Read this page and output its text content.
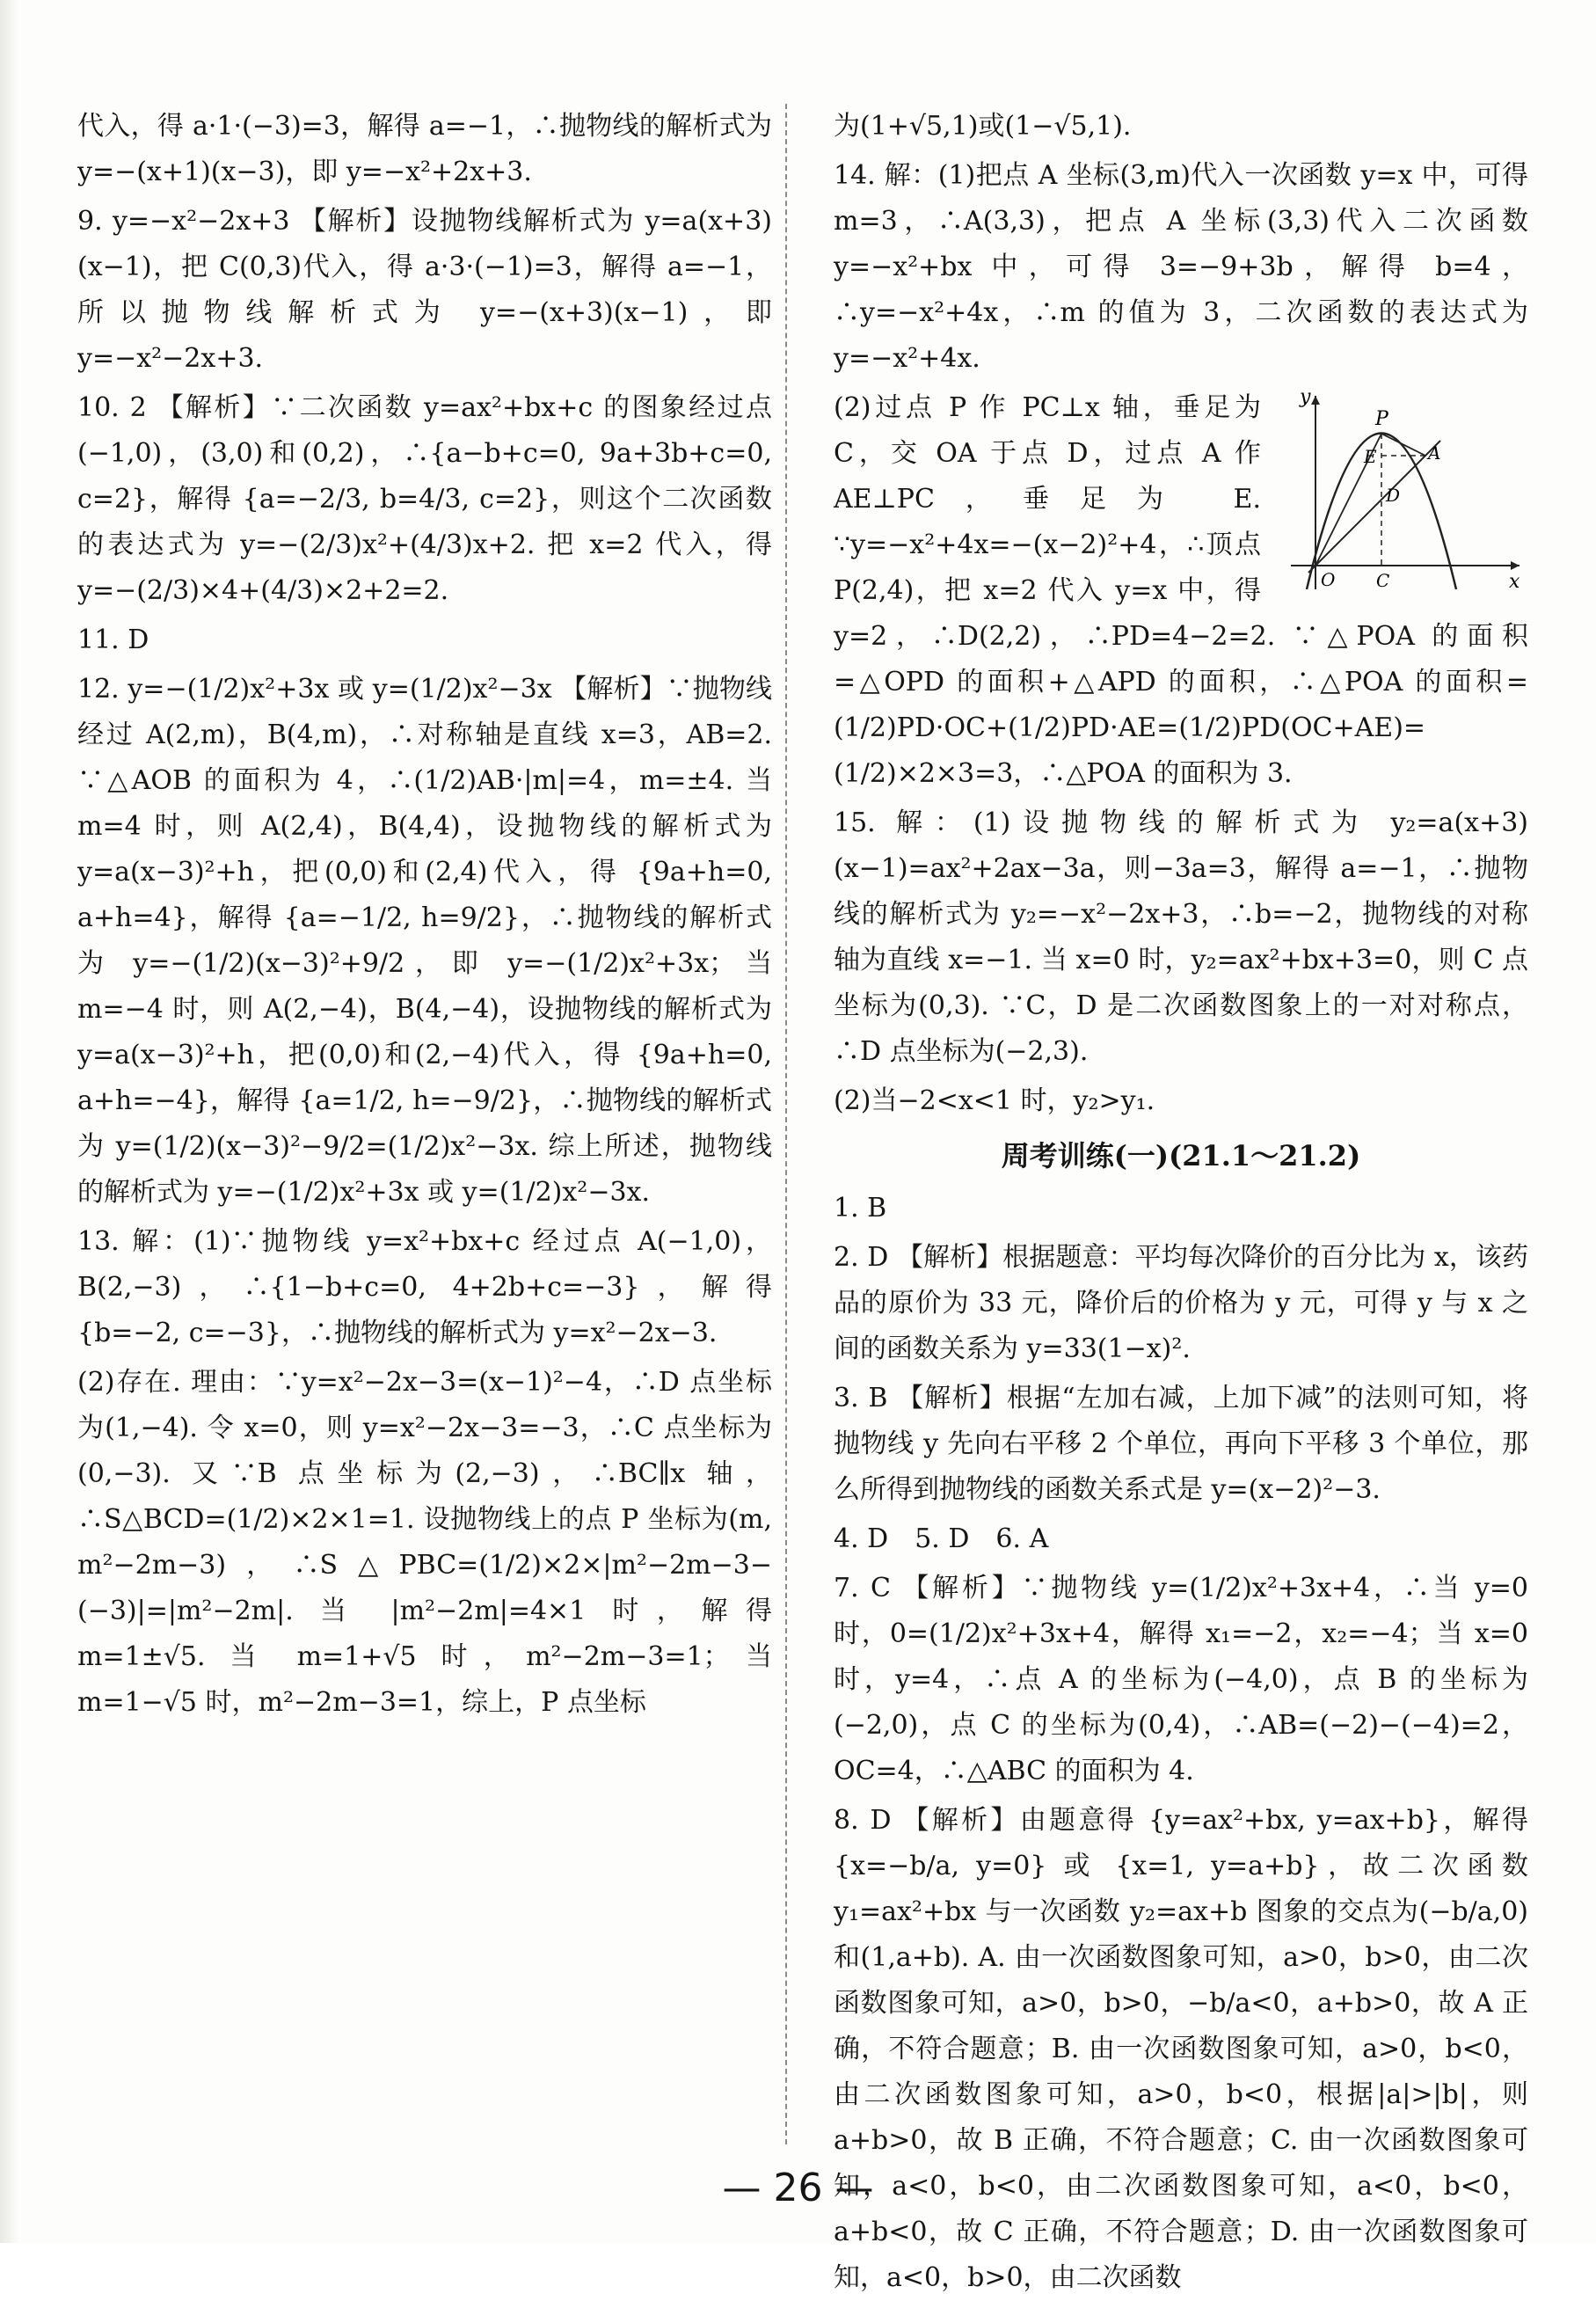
代入，得 a·1·(−3)=3，解得 a=−1，∴抛物线的解析式为 y=−(x+1)(x−3)，即 y=−x²+2x+3.

9. y=−x²−2x+3 【解析】设抛物线解析式为 y=a(x+3)(x−1)，把 C(0,3)代入，得 a·3·(−1)=3，解得 a=−1，所以抛物线解析式为 y=−(x+3)(x−1)，即 y=−x²−2x+3.

10. 2 【解析】∵二次函数 y=ax²+bx+c 的图象经过点(−1,0)，(3,0)和(0,2)，∴{a−b+c=0, 9a+3b+c=0, c=2}，解得 {a=−2/3, b=4/3, c=2}，则这个二次函数的表达式为 y=−(2/3)x²+(4/3)x+2. 把 x=2 代入，得 y=−(2/3)×4+(4/3)×2+2=2.

11. D

12. y=−(1/2)x²+3x 或 y=(1/2)x²−3x 【解析】∵抛物线经过 A(2,m)，B(4,m)，∴对称轴是直线 x=3，AB=2. ∵△AOB 的面积为 4，∴(1/2)AB·|m|=4，m=±4. 当 m=4 时，则 A(2,4)，B(4,4)，设抛物线的解析式为 y=a(x−3)²+h，把(0,0)和(2,4)代入，得 {9a+h=0, a+h=4}，解得 {a=−1/2, h=9/2}，∴抛物线的解析式为 y=−(1/2)(x−3)²+9/2，即 y=−(1/2)x²+3x；当 m=−4 时，则 A(2,−4)，B(4,−4)，设抛物线的解析式为 y=a(x−3)²+h，把(0,0)和(2,−4)代入，得 {9a+h=0, a+h=−4}，解得 {a=1/2, h=−9/2}，∴抛物线的解析式为 y=(1/2)(x−3)²−9/2=(1/2)x²−3x. 综上所述，抛物线的解析式为 y=−(1/2)x²+3x 或 y=(1/2)x²−3x.

13. 解：(1)∵抛物线 y=x²+bx+c 经过点 A(−1,0)，B(2,−3)，∴{1−b+c=0, 4+2b+c=−3}，解得 {b=−2, c=−3}，∴抛物线的解析式为 y=x²−2x−3.

(2)存在. 理由：∵y=x²−2x−3=(x−1)²−4，∴D 点坐标为(1,−4). 令 x=0，则 y=x²−2x−3=−3，∴C 点坐标为(0,−3). 又∵B 点坐标为(2,−3)，∴BC∥x 轴，∴S△BCD=(1/2)×2×1=1. 设抛物线上的点 P 坐标为(m, m²−2m−3)，∴S△PBC=(1/2)×2×|m²−2m−3−(−3)|=|m²−2m|. 当 |m²−2m|=4×1 时，解得 m=1±√5. 当 m=1+√5 时，m²−2m−3=1；当 m=1−√5 时，m²−2m−3=1，综上，P 点坐标

为(1+√5,1)或(1−√5,1).

14. 解：(1)把点 A 坐标(3,m)代入一次函数 y=x 中，可得 m=3，∴A(3,3)，把点 A 坐标(3,3)代入二次函数 y=−x²+bx 中，可得 3=−9+3b，解得 b=4，∴y=−x²+4x，∴m 的值为 3，二次函数的表达式为 y=−x²+4x.

y
x
O
P
E	A
D
C

(2)过点 P 作 PC⊥x 轴，垂足为 C，交 OA 于点 D，过点 A 作 AE⊥PC，垂足为 E. ∵y=−x²+4x=−(x−2)²+4，∴顶点 P(2,4)，把 x=2 代入 y=x 中，得 y=2，∴D(2,2)，∴PD=4−2=2. ∵△POA 的面积=△OPD 的面积+△APD 的面积，∴△POA 的面积=(1/2)PD·OC+(1/2)PD·AE=(1/2)PD(OC+AE)=(1/2)×2×3=3，∴△POA 的面积为 3.

15. 解：(1)设抛物线的解析式为 y₂=a(x+3)(x−1)=ax²+2ax−3a，则−3a=3，解得 a=−1，∴抛物线的解析式为 y₂=−x²−2x+3，∴b=−2，抛物线的对称轴为直线 x=−1. 当 x=0 时，y₂=ax²+bx+3=0，则 C 点坐标为(0,3). ∵C，D 是二次函数图象上的一对对称点，∴D 点坐标为(−2,3).

(2)当−2<x<1 时，y₂>y₁.

周考训练(一)(21.1～21.2)

1. B

2. D 【解析】根据题意：平均每次降价的百分比为 x，该药品的原价为 33 元，降价后的价格为 y 元，可得 y 与 x 之间的函数关系为 y=33(1−x)².

3. B 【解析】根据“左加右减，上加下减”的法则可知，将抛物线 y 先向右平移 2 个单位，再向下平移 3 个单位，那么所得到抛物线的函数关系式是 y=(x−2)²−3.

4. D　5. D　6. A

7. C 【解析】∵抛物线 y=(1/2)x²+3x+4，∴当 y=0 时，0=(1/2)x²+3x+4，解得 x₁=−2，x₂=−4；当 x=0 时，y=4，∴点 A 的坐标为(−4,0)，点 B 的坐标为(−2,0)，点 C 的坐标为(0,4)，∴AB=(−2)−(−4)=2，OC=4，∴△ABC 的面积为 4.

8. D 【解析】由题意得 {y=ax²+bx, y=ax+b}，解得 {x=−b/a, y=0} 或 {x=1, y=a+b}，故二次函数 y₁=ax²+bx 与一次函数 y₂=ax+b 图象的交点为(−b/a,0)和(1,a+b). A. 由一次函数图象可知，a>0，b>0，由二次函数图象可知，a>0，b>0，−b/a<0，a+b>0，故 A 正确，不符合题意；B. 由一次函数图象可知，a>0，b<0，由二次函数图象可知，a>0，b<0，根据|a|>|b|，则 a+b>0，故 B 正确，不符合题意；C. 由一次函数图象可知，a<0，b<0，由二次函数图象可知，a<0，b<0，a+b<0，故 C 正确，不符合题意；D. 由一次函数图象可知，a<0，b>0，由二次函数

— 26 —
